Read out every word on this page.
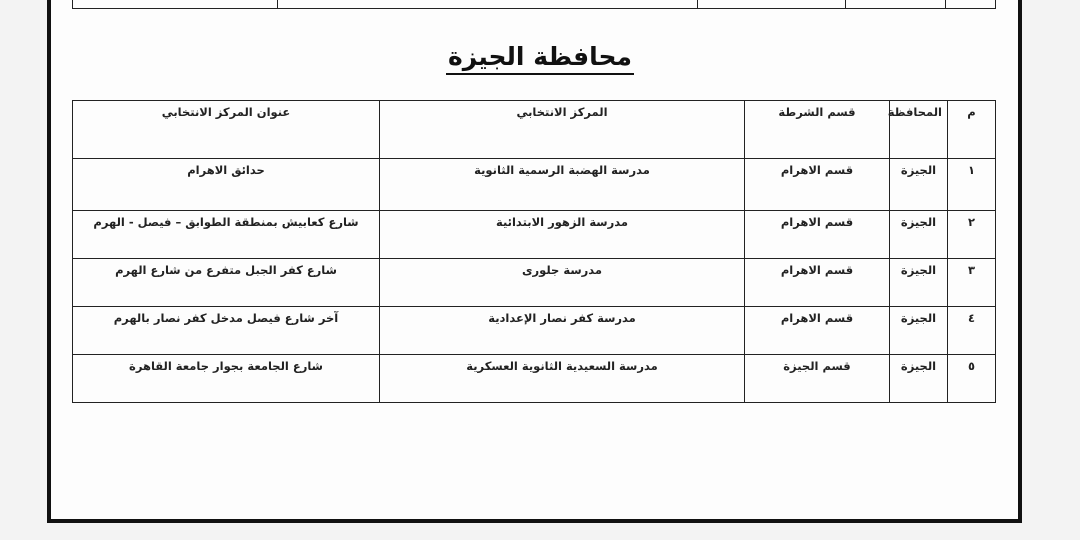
محافظة الجيزة
م	المحافظة	قسم الشرطة	المركز الانتخابي	عنوان المركز الانتخابي
١	الجيزة	قسم الاهرام	مدرسة الهضبة الرسمية الثانوية	حدائق الاهرام
٢	الجيزة	قسم الاهرام	مدرسة الزهور الابتدائية	شارع كعابيش بمنطقة الطوابق – فيصل - الهرم
٣	الجيزة	قسم الاهرام	مدرسة جلورى	شارع كفر الجبل متفرع من شارع الهرم
٤	الجيزة	قسم الاهرام	مدرسة كفر نصار الإعدادية	آخر شارع فيصل مدخل كفر نصار بالهرم
٥	الجيزة	قسم الجيزة	مدرسة السعيدية الثانوية العسكرية	شارع الجامعة بجوار جامعة القاهرة
